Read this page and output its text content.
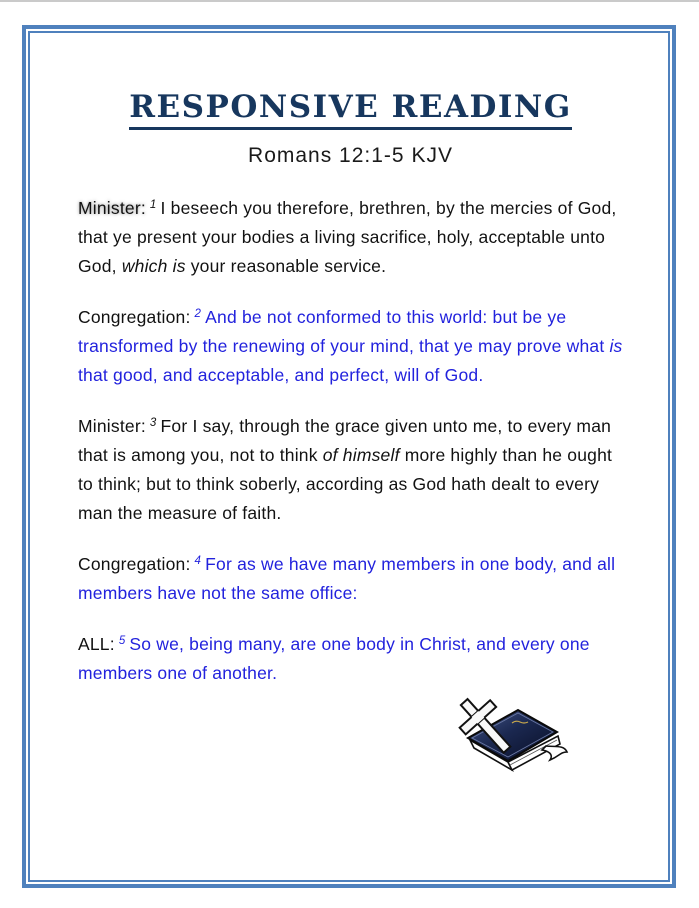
RESPONSIVE READING
Romans 12:1-5 KJV

Minister: $^1$ I beseech you therefore, brethren, by the mercies of God, that ye present your bodies a living sacrifice, holy, acceptable unto God, which is your reasonable service.

Congregation: $^2$ And be not conformed to this world: but be ye transformed by the renewing of your mind, that ye may prove what is that good, and acceptable, and perfect, will of God.

Minister: $^3$ For I say, through the grace given unto me, to every man that is among you, not to think of himself more highly than he ought to think; but to think soberly, according as God hath dealt to every man the measure of faith.

Congregation: $^4$ For as we have many members in one body, and all members have not the same office:

ALL: $^5$ So we, being many, are one body in Christ, and every one members one of another.
